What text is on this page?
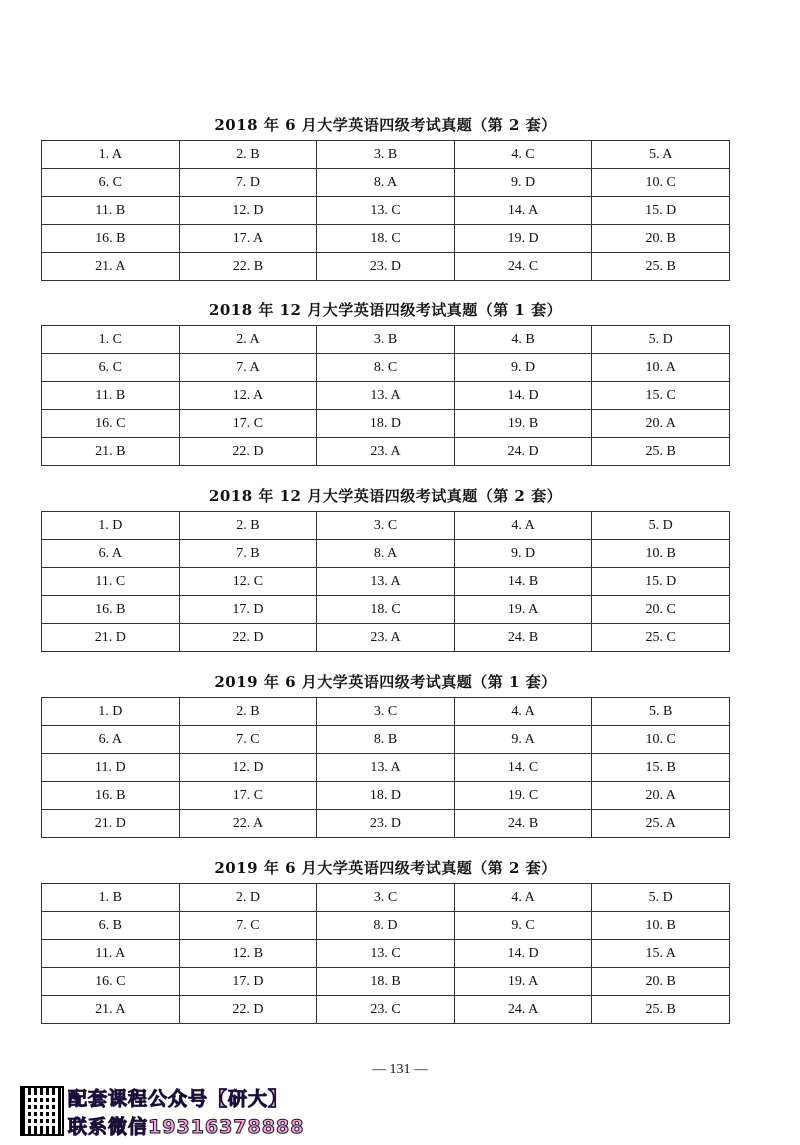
2018 年 6 月大学英语四级考试真题（第 2 套）
1. A	2. B	3. B	4. C	5. A
6. C	7. D	8. A	9. D	10. C
11. B	12. D	13. C	14. A	15. D
16. B	17. A	18. C	19. D	20. B
21. A	22. B	23. D	24. C	25. B
2018 年 12 月大学英语四级考试真题（第 1 套）
1. C	2. A	3. B	4. B	5. D
6. C	7. A	8. C	9. D	10. A
11. B	12. A	13. A	14. D	15. C
16. C	17. C	18. D	19. B	20. A
21. B	22. D	23. A	24. D	25. B
2018 年 12 月大学英语四级考试真题（第 2 套）
1. D	2. B	3. C	4. A	5. D
6. A	7. B	8. A	9. D	10. B
11. C	12. C	13. A	14. B	15. D
16. B	17. D	18. C	19. A	20. C
21. D	22. D	23. A	24. B	25. C
2019 年 6 月大学英语四级考试真题（第 1 套）
1. D	2. B	3. C	4. A	5. B
6. A	7. C	8. B	9. A	10. C
11. D	12. D	13. A	14. C	15. B
16. B	17. C	18. D	19. C	20. A
21. D	22. A	23. D	24. B	25. A
2019 年 6 月大学英语四级考试真题（第 2 套）
1. B	2. D	3. C	4. A	5. D
6. B	7. C	8. D	9. C	10. B
11. A	12. B	13. C	14. D	15. A
16. C	17. D	18. B	19. A	20. B
21. A	22. D	23. C	24. A	25. B
— 131 —
配套课程公众号【研大】
联系微信19316378888
